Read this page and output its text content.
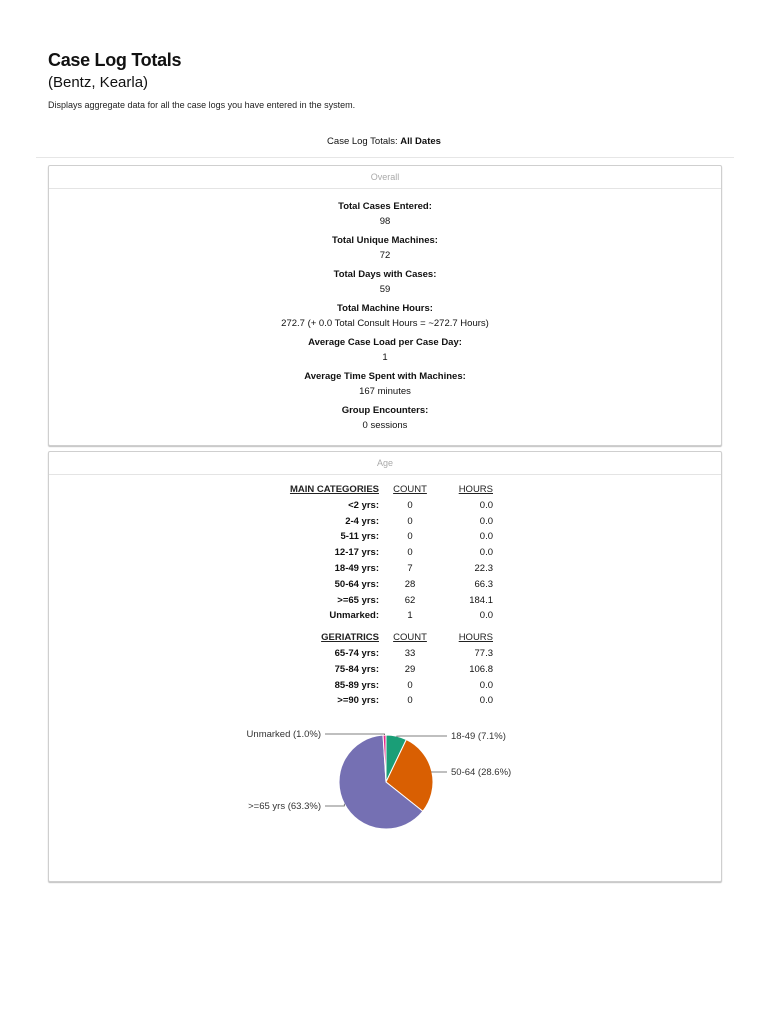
Case Log Totals
(Bentz, Kearla)
Displays aggregate data for all the case logs you have entered in the system.
Case Log Totals: All Dates
Overall
Total Cases Entered:
98
Total Unique Machines:
72
Total Days with Cases:
59
Total Machine Hours:
272.7 (+ 0.0 Total Consult Hours = ~272.7 Hours)
Average Case Load per Case Day:
1
Average Time Spent with Machines:
167 minutes
Group Encounters:
0 sessions
Age
MAIN CATEGORIES	COUNT	HOURS
<2 yrs:	0	0.0
2-4 yrs:	0	0.0
5-11 yrs:	0	0.0
12-17 yrs:	0	0.0
18-49 yrs:	7	22.3
50-64 yrs:	28	66.3
>=65 yrs:	62	184.1
Unmarked:	1	0.0

GERIATRICS	COUNT	HOURS
65-74 yrs:	33	77.3
75-84 yrs:	29	106.8
85-89 yrs:	0	0.0
>=90 yrs:	0	0.0
18-49 (7.1%)
50-64 (28.6%)
>=65 yrs (63.3%)
Unmarked (1.0%)
